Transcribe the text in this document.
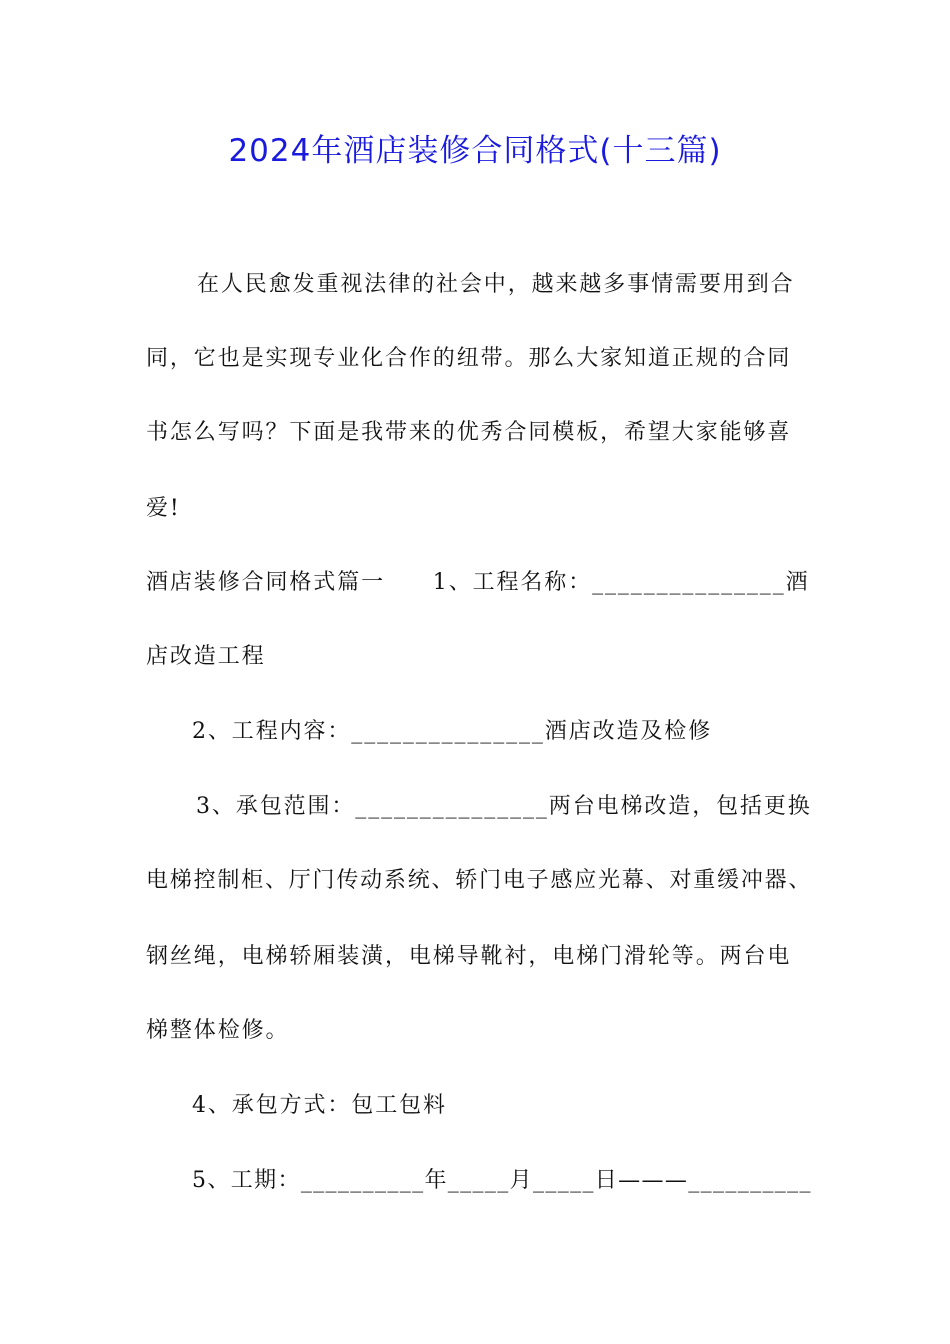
2024年酒店装修合同格式(十三篇)
在人民愈发重视法律的社会中，越来越多事情需要用到合
同，它也是实现专业化合作的纽带。那么大家知道正规的合同
书怎么写吗？下面是我带来的优秀合同模板，希望大家能够喜
爱!
酒店装修合同格式篇一　　1、工程名称：_______________酒
店改造工程
2、工程内容：_______________酒店改造及检修
3、承包范围：_______________两台电梯改造，包括更换
电梯控制柜、厅门传动系统、轿门电子感应光幕、对重缓冲器、
钢丝绳，电梯轿厢装潢，电梯导靴衬，电梯门滑轮等。两台电
梯整体检修。
4、承包方式：包工包料
5、工期：__________年_____月_____日———__________
